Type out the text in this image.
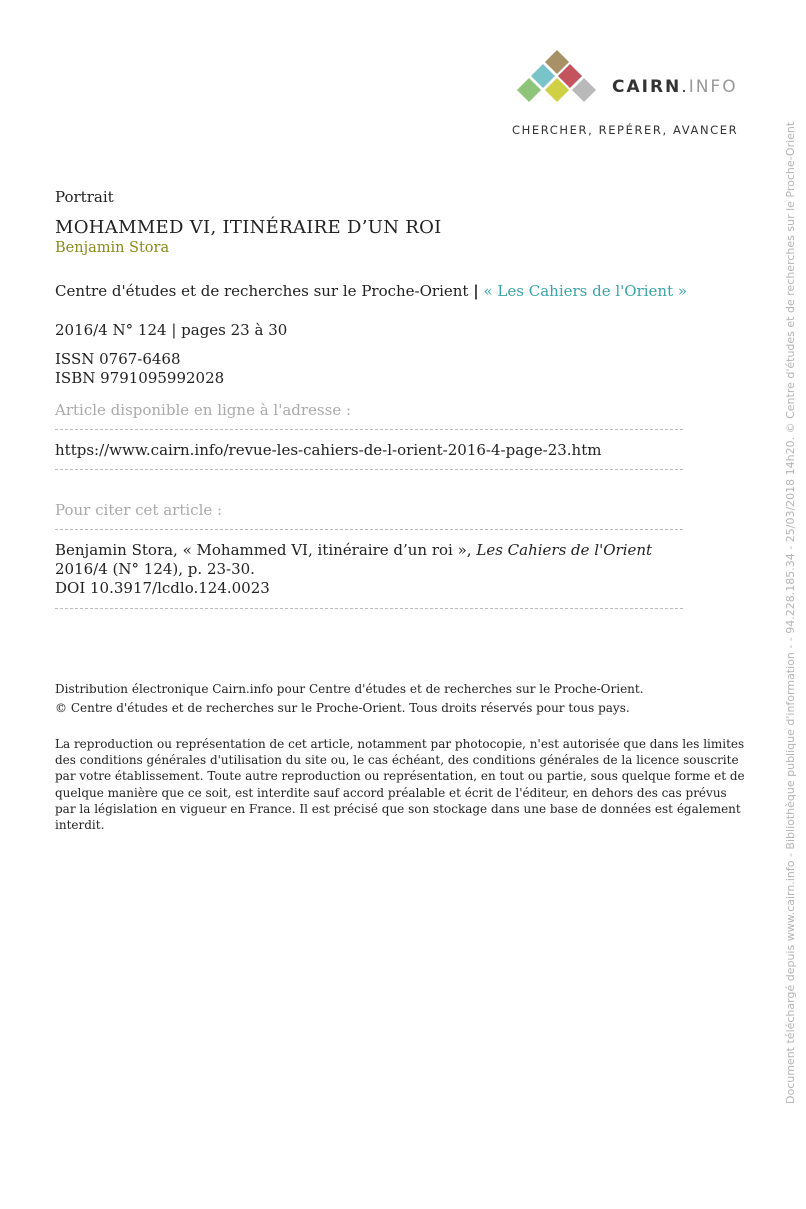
CAIRN.INFO
CHERCHER, REPÉRER, AVANCER
Portrait
MOHAMMED VI, ITINÉRAIRE D’UN ROI
Benjamin Stora
Centre d'études et de recherches sur le Proche-Orient | « Les Cahiers de l'Orient »
2016/4 N° 124 | pages 23 à 30
ISSN 0767-6468
ISBN 9791095992028
Article disponible en ligne à l'adresse :
https://www.cairn.info/revue-les-cahiers-de-l-orient-2016-4-page-23.htm
Pour citer cet article :
Benjamin Stora, « Mohammed VI, itinéraire d’un roi », Les Cahiers de l'Orient
2016/4 (N° 124), p. 23-30.
DOI 10.3917/lcdlo.124.0023
Distribution électronique Cairn.info pour Centre d'études et de recherches sur le Proche-Orient.
© Centre d'études et de recherches sur le Proche-Orient. Tous droits réservés pour tous pays.
La reproduction ou représentation de cet article, notamment par photocopie, n'est autorisée que dans les limites des conditions générales d'utilisation du site ou, le cas échéant, des conditions générales de la licence souscrite par votre établissement. Toute autre reproduction ou représentation, en tout ou partie, sous quelque forme et de quelque manière que ce soit, est interdite sauf accord préalable et écrit de l'éditeur, en dehors des cas prévus par la législation en vigueur en France. Il est précisé que son stockage dans une base de données est également interdit.	Document téléchargé depuis www.cairn.info - Bibliothèque publique d'information - - 94.228.185.34 - 25/03/2018 14h20. © Centre d'études et de recherches sur le Proche-Orient
